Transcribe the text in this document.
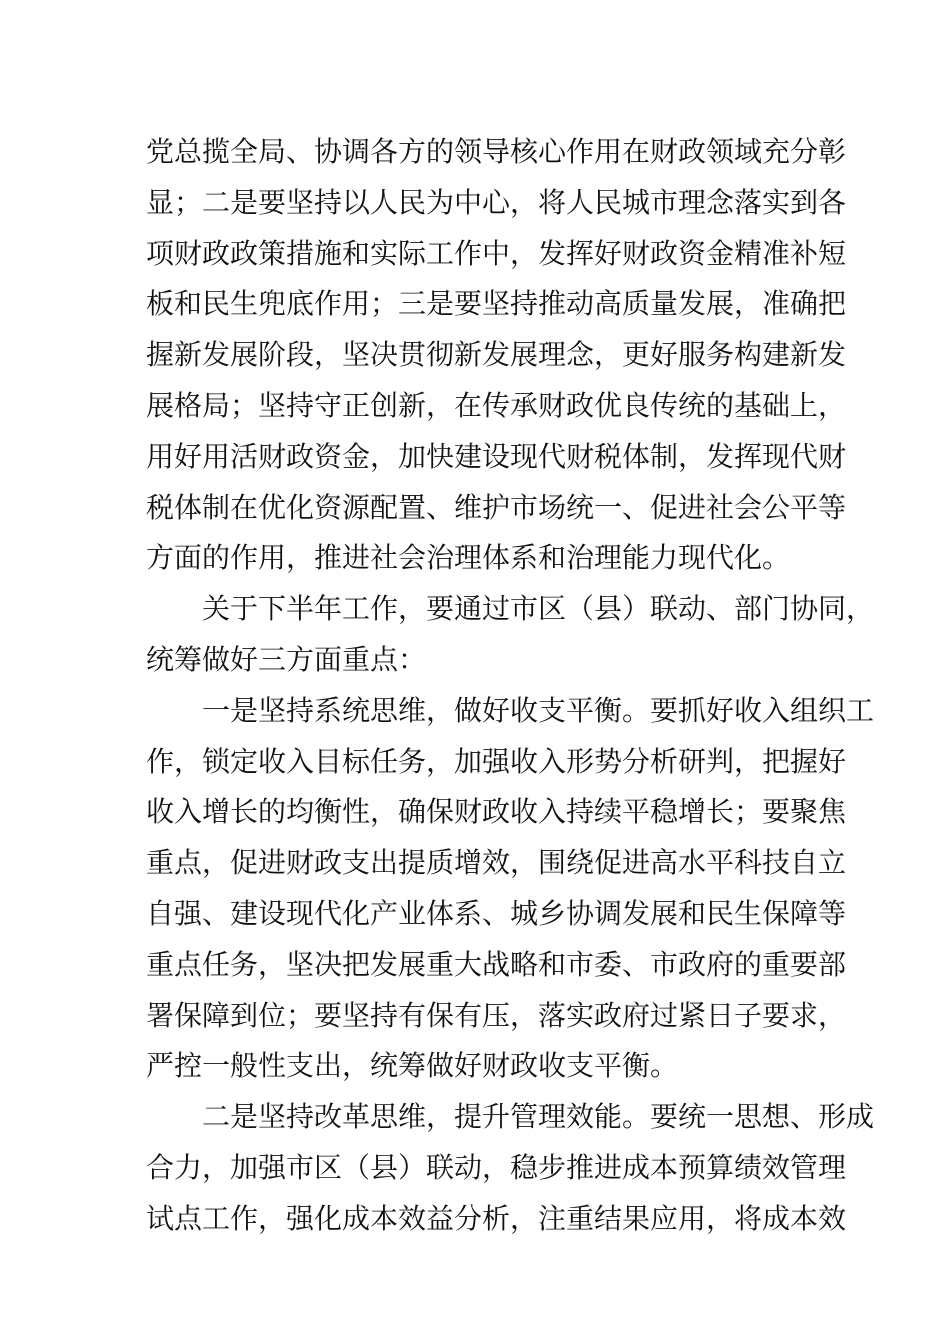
党总揽全局、协调各方的领导核心作用在财政领域充分彰
显；二是要坚持以人民为中心，将人民城市理念落实到各
项财政政策措施和实际工作中，发挥好财政资金精准补短
板和民生兜底作用；三是要坚持推动高质量发展，准确把
握新发展阶段，坚决贯彻新发展理念，更好服务构建新发
展格局；坚持守正创新，在传承财政优良传统的基础上，
用好用活财政资金，加快建设现代财税体制，发挥现代财
税体制在优化资源配置、维护市场统一、促进社会公平等
方面的作用，推进社会治理体系和治理能力现代化。
　　关于下半年工作，要通过市区（县）联动、部门协同，
统筹做好三方面重点：
　　一是坚持系统思维，做好收支平衡。要抓好收入组织工
作，锁定收入目标任务，加强收入形势分析研判，把握好
收入增长的均衡性，确保财政收入持续平稳增长；要聚焦
重点，促进财政支出提质增效，围绕促进高水平科技自立
自强、建设现代化产业体系、城乡协调发展和民生保障等
重点任务，坚决把发展重大战略和市委、市政府的重要部
署保障到位；要坚持有保有压，落实政府过紧日子要求，
严控一般性支出，统筹做好财政收支平衡。
　　二是坚持改革思维，提升管理效能。要统一思想、形成
合力，加强市区（县）联动，稳步推进成本预算绩效管理
试点工作，强化成本效益分析，注重结果应用，将成本效
